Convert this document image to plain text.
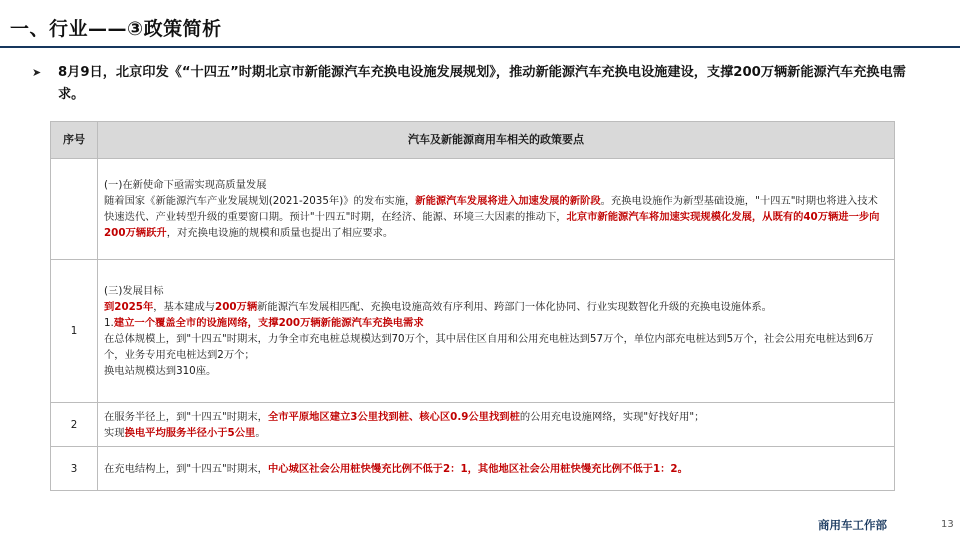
一、行业——③政策简析
➤	8月9日，北京印发《“十四五”时期北京市新能源汽车充换电设施发展规划》，推动新能源汽车充换电设施建设，支撑200万辆新能源汽车充换电需求。
序号	汽车及新能源商用车相关的政策要点

	(一)在新使命下亟需实现高质量发展
随着国家《新能源汽车产业发展规划(2021-2035年)》的发布实施，新能源汽车发展将进入加速发展的新阶段。充换电设施作为新型基础设施，"十四五"时期也将进入技术快速迭代、产业转型升级的重要窗口期。预计"十四五"时期，在经济、能源、环境三大因素的推动下，北京市新能源汽车将加速实现规模化发展，从既有的40万辆进一步向200万辆跃升，对充换电设施的规模和质量也提出了相应要求。

1	(三)发展目标
到2025年，基本建成与200万辆新能源汽车发展相匹配、充换电设施高效有序利用、跨部门一体化协同、行业实现数智化升级的充换电设施体系。
1.建立一个覆盖全市的设施网络，支撑200万辆新能源汽车充换电需求
在总体规模上，到"十四五"时期末，力争全市充电桩总规模达到70万个，其中居住区自用和公用充电桩达到57万个，单位内部充电桩达到5万个，社会公用充电桩达到6万个，业务专用充电桩达到2万个；
换电站规模达到310座。

2	在服务半径上，到"十四五"时期末，全市平原地区建立3公里找到桩、核心区0.9公里找到桩的公用充电设施网络，实现"好找好用"；
实现换电平均服务半径小于5公里。

3	在充电结构上，到"十四五"时期末，中心城区社会公用桩快慢充比例不低于2：1，其他地区社会公用桩快慢充比例不低于1：2。
商用车工作部	13
